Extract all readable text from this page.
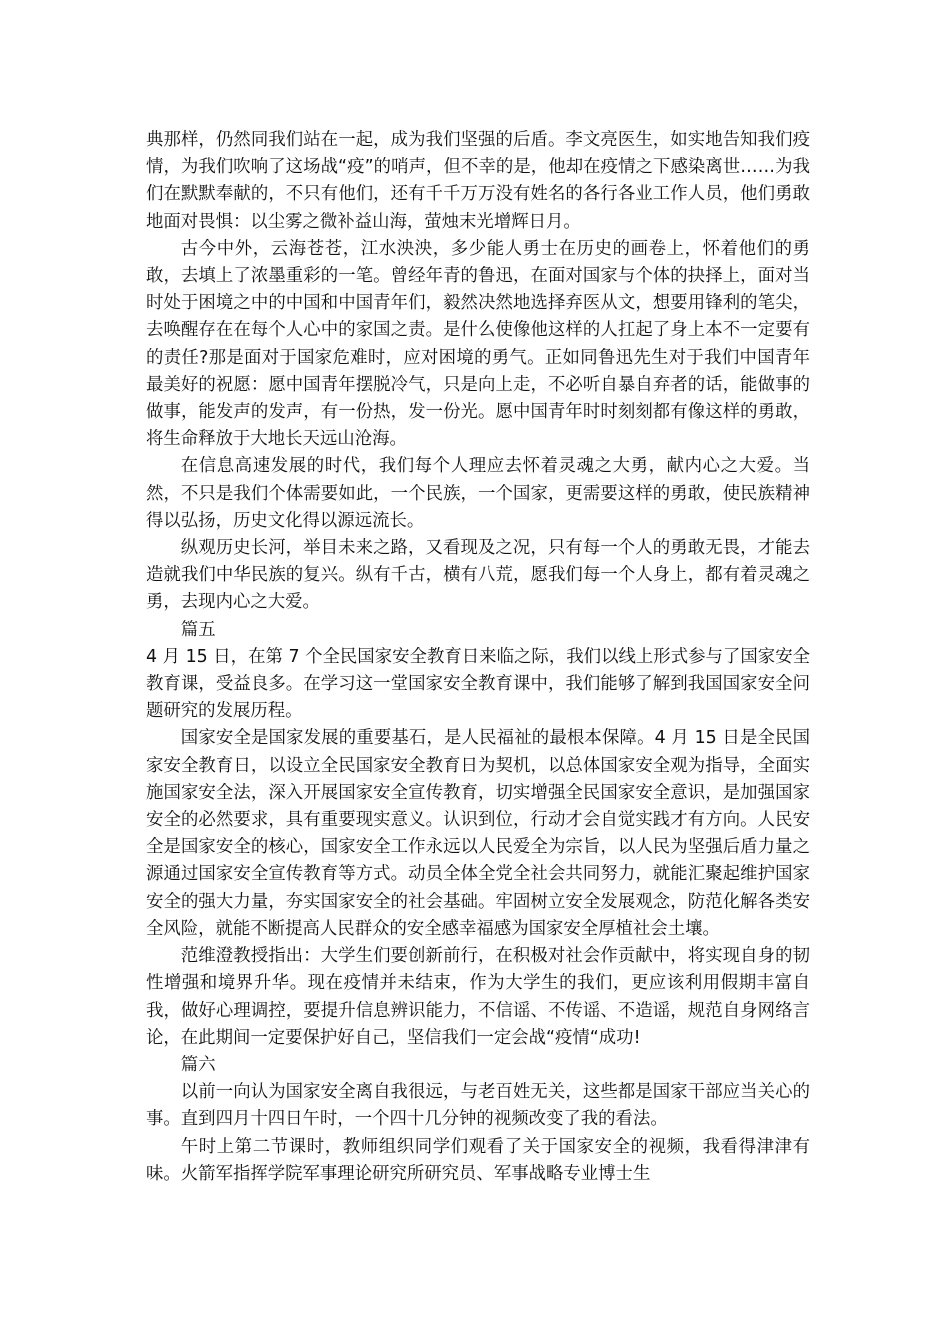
典那样，仍然同我们站在一起，成为我们坚强的后盾。李文亮医生，如实地告知我们疫情，为我们吹响了这场战“疫”的哨声，但不幸的是，他却在疫情之下感染离世……为我们在默默奉献的，不只有他们，还有千千万万没有姓名的各行各业工作人员，他们勇敢地面对畏惧：以尘雾之微补益山海，萤烛末光增辉日月。

古今中外，云海苍苍，江水泱泱，多少能人勇士在历史的画卷上，怀着他们的勇敢，去填上了浓墨重彩的一笔。曾经年青的鲁迅，在面对国家与个体的抉择上，面对当时处于困境之中的中国和中国青年们，毅然决然地选择弃医从文，想要用锋利的笔尖，去唤醒存在在每个人心中的家国之责。是什么使像他这样的人扛起了身上本不一定要有的责任?那是面对于国家危难时，应对困境的勇气。正如同鲁迅先生对于我们中国青年最美好的祝愿：愿中国青年摆脱冷气，只是向上走，不必听自暴自弃者的话，能做事的做事，能发声的发声，有一份热，发一份光。愿中国青年时时刻刻都有像这样的勇敢，将生命释放于大地长天远山沧海。

在信息高速发展的时代，我们每个人理应去怀着灵魂之大勇，献内心之大爱。当然，不只是我们个体需要如此，一个民族，一个国家，更需要这样的勇敢，使民族精神得以弘扬，历史文化得以源远流长。

纵观历史长河，举目未来之路，又看现及之况，只有每一个人的勇敢无畏，才能去造就我们中华民族的复兴。纵有千古，横有八荒，愿我们每一个人身上，都有着灵魂之勇，去现内心之大爱。

篇五

4 月 15 日，在第 7 个全民国家安全教育日来临之际，我们以线上形式参与了国家安全教育课，受益良多。在学习这一堂国家安全教育课中，我们能够了解到我国国家安全问题研究的发展历程。

国家安全是国家发展的重要基石，是人民福祉的最根本保障。4 月 15 日是全民国家安全教育日，以设立全民国家安全教育日为契机，以总体国家安全观为指导，全面实施国家安全法，深入开展国家安全宣传教育，切实增强全民国家安全意识，是加强国家安全的必然要求，具有重要现实意义。认识到位，行动才会自觉实践才有方向。人民安全是国家安全的核心，国家安全工作永远以人民爱全为宗旨，以人民为坚强后盾力量之源通过国家安全宣传教育等方式。动员全体全党全社会共同努力，就能汇聚起维护国家安全的强大力量，夯实国家安全的社会基础。牢固树立安全发展观念，防范化解各类安全风险，就能不断提高人民群众的安全感幸福感为国家安全厚植社会土壤。

范维澄教授指出：大学生们要创新前行，在积极对社会作贡献中，将实现自身的韧性增强和境界升华。现在疫情并未结束，作为大学生的我们，更应该利用假期丰富自我，做好心理调控，要提升信息辨识能力，不信谣、不传谣、不造谣，规范自身网络言论，在此期间一定要保护好自己，坚信我们一定会战“疫情“成功!

篇六

以前一向认为国家安全离自我很远，与老百姓无关，这些都是国家干部应当关心的事。直到四月十四日午时，一个四十几分钟的视频改变了我的看法。

午时上第二节课时，教师组织同学们观看了关于国家安全的视频，我看得津津有味。火箭军指挥学院军事理论研究所研究员、军事战略专业博士生
